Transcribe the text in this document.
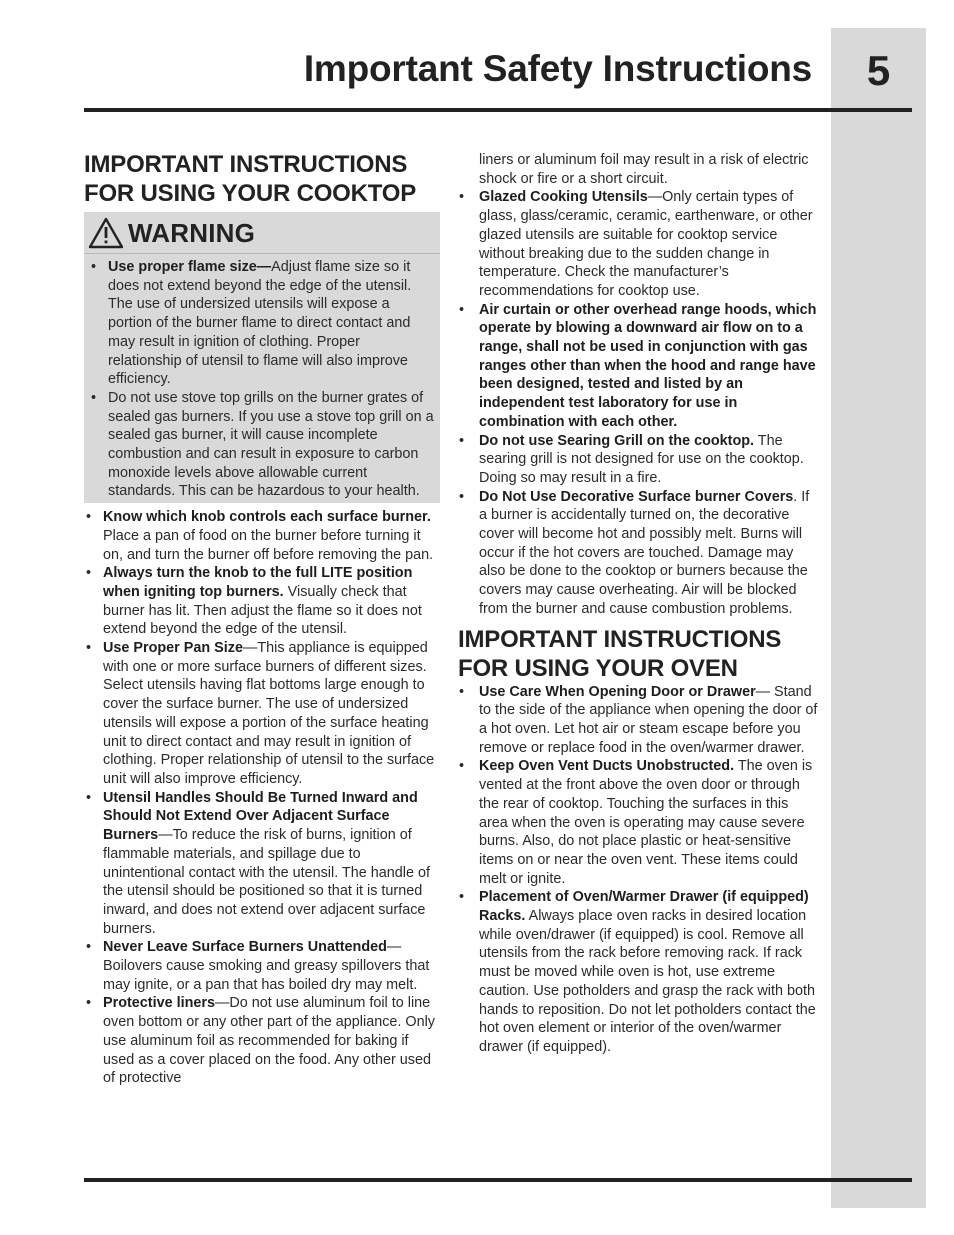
5
Important Safety Instructions
IMPORTANT INSTRUCTIONS
FOR USING YOUR COOKTOP
WARNING
• Use proper flame size—Adjust flame size so it does not extend beyond the edge of the utensil. The use of undersized utensils will expose a portion of the burner flame to direct contact and may result in ignition of clothing. Proper relationship of utensil to flame will also improve efficiency.
• Do not use stove top grills on the burner grates of sealed gas burners. If you use a stove top grill on a sealed gas burner, it will cause incomplete combustion and can result in exposure to carbon monoxide levels above allowable current standards. This can be hazardous to your health.
• Know which knob controls each surface burner. Place a pan of food on the burner before turning it on, and turn the burner off before removing the pan.
• Always turn the knob to the full LITE position when igniting top burners. Visually check that burner has lit. Then adjust the flame so it does not extend beyond the edge of the utensil.
• Use Proper Pan Size—This appliance is equipped with one or more surface burners of different sizes. Select utensils having flat bottoms large enough to cover the surface burner. The use of undersized utensils will expose a portion of the surface heating unit to direct contact and may result in ignition of clothing. Proper relationship of utensil to the surface unit will also improve efficiency.
• Utensil Handles Should Be Turned Inward and Should Not Extend Over Adjacent Surface Burners—To reduce the risk of burns, ignition of flammable materials, and spillage due to unintentional contact with the utensil. The handle of the utensil should be positioned so that it is turned inward, and does not extend over adjacent surface burners.
• Never Leave Surface Burners Unattended— Boilovers cause smoking and greasy spillovers that may ignite, or a pan that has boiled dry may melt.
• Protective liners—Do not use aluminum foil to line oven bottom or any other part of the appliance. Only use aluminum foil as recommended for baking if used as a cover placed on the food. Any other used of protective
liners or aluminum foil may result in a risk of electric shock or fire or a short circuit.
• Glazed Cooking Utensils—Only certain types of glass, glass/ceramic, ceramic, earthenware, or other glazed utensils are suitable for cooktop service without breaking due to the sudden change in temperature. Check the manufacturer’s recommendations for cooktop use.
• Air curtain or other overhead range hoods, which operate by blowing a downward air flow on to a range, shall not be used in conjunction with gas ranges other than when the hood and range have been designed, tested and listed by an independent test laboratory for use in combination with each other.
• Do not use Searing Grill on the cooktop. The searing grill is not designed for use on the cooktop. Doing so may result in a fire.
• Do Not Use Decorative Surface burner Covers. If a burner is accidentally turned on, the decorative cover will become hot and possibly melt. Burns will occur if the hot covers are touched. Damage may also be done to the cooktop or burners because the covers may cause overheating. Air will be blocked from the burner and cause combustion problems.
IMPORTANT INSTRUCTIONS
FOR USING YOUR OVEN
• Use Care When Opening Door or Drawer— Stand to the side of the appliance when opening the door of a hot oven. Let hot air or steam escape before you remove or replace food in the oven/warmer drawer.
• Keep Oven Vent Ducts Unobstructed. The oven is vented at the front above the oven door or through the rear of cooktop. Touching the surfaces in this area when the oven is operating may cause severe burns. Also, do not place plastic or heat-sensitive items on or near the oven vent. These items could melt or ignite.
• Placement of Oven/Warmer Drawer (if equipped) Racks. Always place oven racks in desired location while oven/drawer (if equipped) is cool. Remove all utensils from the rack before removing rack. If rack must be moved while oven is hot, use extreme caution. Use potholders and grasp the rack with both hands to reposition. Do not let potholders contact the hot oven element or interior of the oven/warmer drawer (if equipped).
